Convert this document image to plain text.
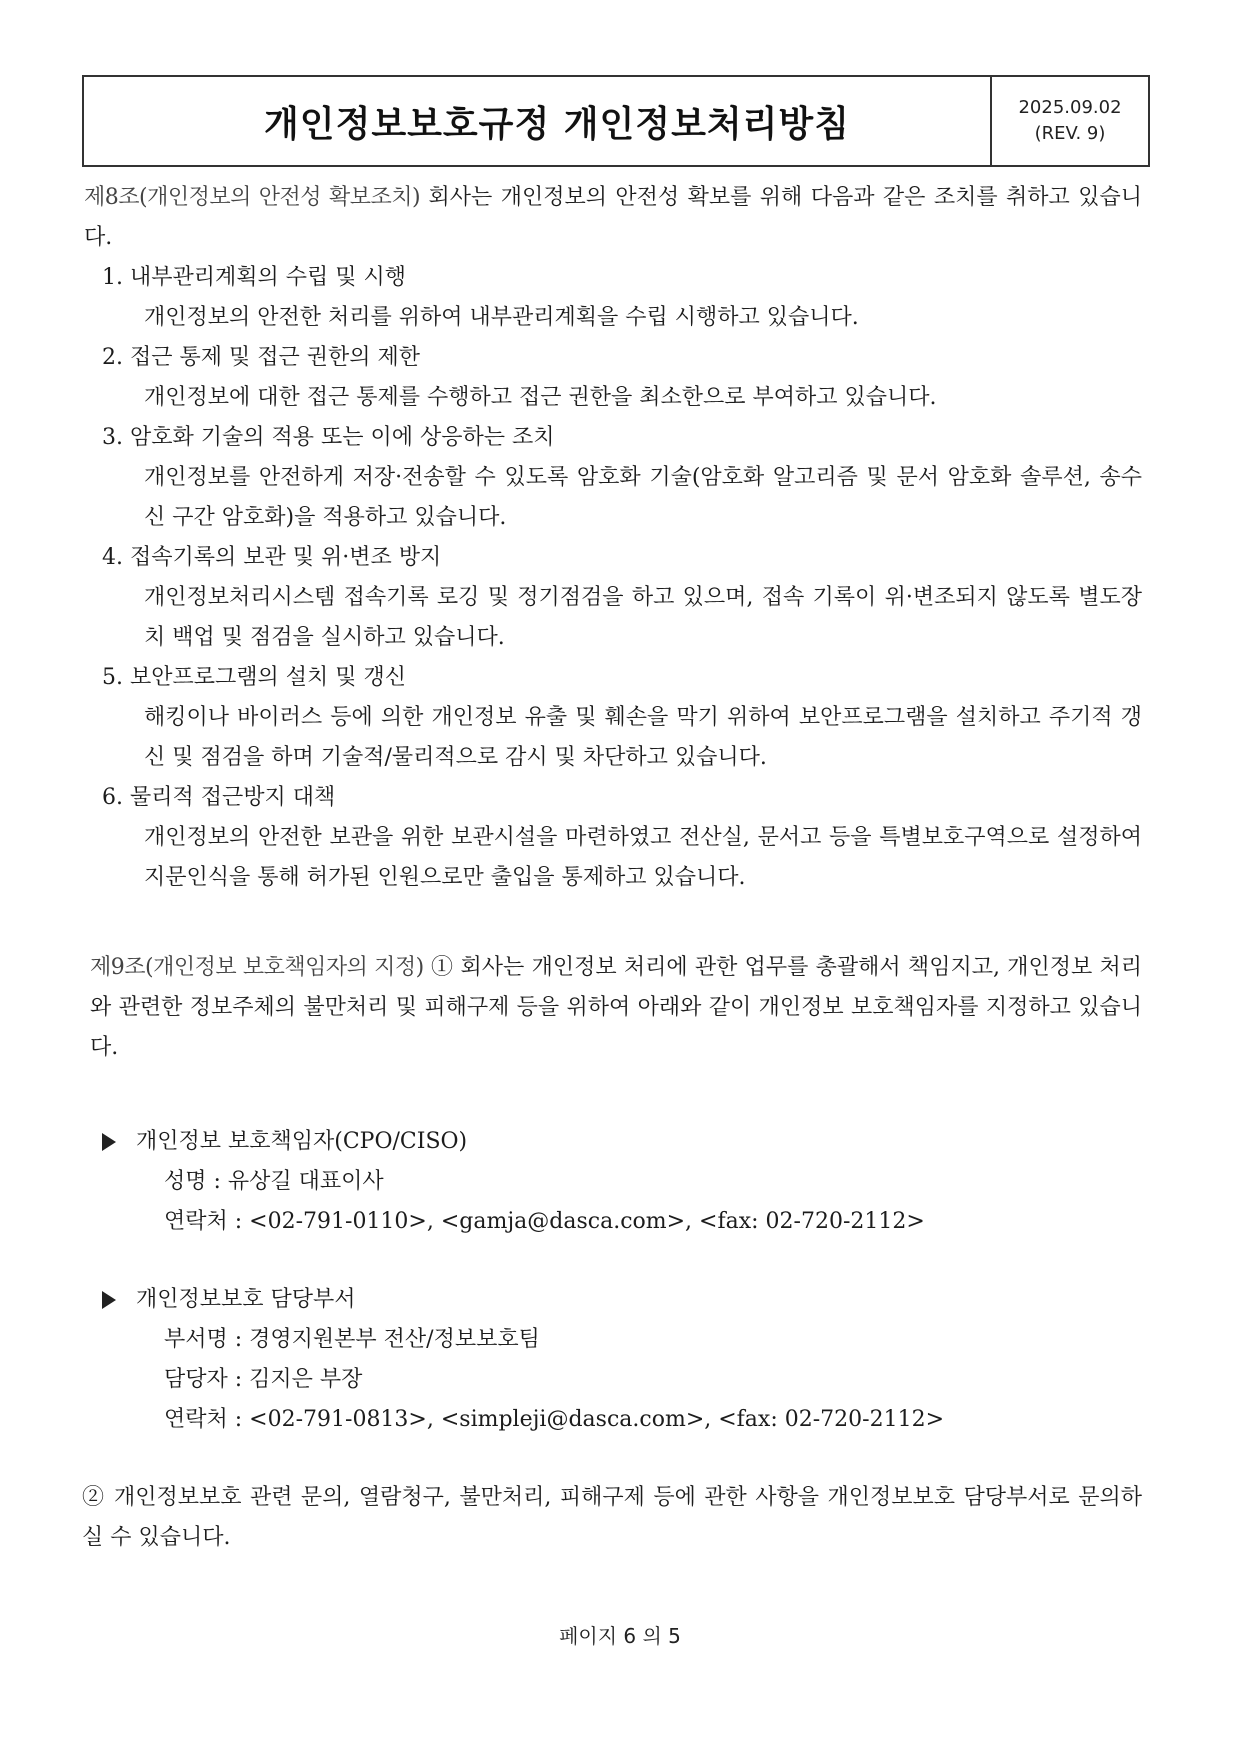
개인정보보호규정 개인정보처리방침	2025.09.02
(REV. 9)

제8조(개인정보의 안전성 확보조치) 회사는 개인정보의 안전성 확보를 위해 다음과 같은 조치를 취하고 있습니다.

1. 내부관리계획의 수립 및 시행
개인정보의 안전한 처리를 위하여 내부관리계획을 수립 시행하고 있습니다.
2. 접근 통제 및 접근 권한의 제한
개인정보에 대한 접근 통제를 수행하고 접근 권한을 최소한으로 부여하고 있습니다.
3. 암호화 기술의 적용 또는 이에 상응하는 조치
개인정보를 안전하게 저장·전송할 수 있도록 암호화 기술(암호화 알고리즘 및 문서 암호화 솔루션, 송수신 구간 암호화)을 적용하고 있습니다.
4. 접속기록의 보관 및 위·변조 방지
개인정보처리시스템 접속기록 로깅 및 정기점검을 하고 있으며, 접속 기록이 위·변조되지 않도록 별도장치 백업 및 점검을 실시하고 있습니다.
5. 보안프로그램의 설치 및 갱신
해킹이나 바이러스 등에 의한 개인정보 유출 및 훼손을 막기 위하여 보안프로그램을 설치하고 주기적 갱신 및 점검을 하며 기술적/물리적으로 감시 및 차단하고 있습니다.
6. 물리적 접근방지 대책
개인정보의 안전한 보관을 위한 보관시설을 마련하였고 전산실, 문서고 등을 특별보호구역으로 설정하여 지문인식을 통해 허가된 인원으로만 출입을 통제하고 있습니다.

제9조(개인정보 보호책임자의 지정) ① 회사는 개인정보 처리에 관한 업무를 총괄해서 책임지고, 개인정보 처리와 관련한 정보주체의 불만처리 및 피해구제 등을 위하여 아래와 같이 개인정보 보호책임자를 지정하고 있습니다.

개인정보 보호책임자(CPO/CISO)
성명 : 유상길 대표이사
연락처 : <02-791-0110>, <gamja@dasca.com>, <fax: 02-720-2112>
개인정보보호 담당부서
부서명 : 경영지원본부 전산/정보보호팀
담당자 : 김지은 부장
연락처 : <02-791-0813>, <simpleji@dasca.com>, <fax: 02-720-2112>

② 개인정보보호 관련 문의, 열람청구, 불만처리, 피해구제 등에 관한 사항을 개인정보보호 담당부서로 문의하실 수 있습니다.

페이지 6 의 5
